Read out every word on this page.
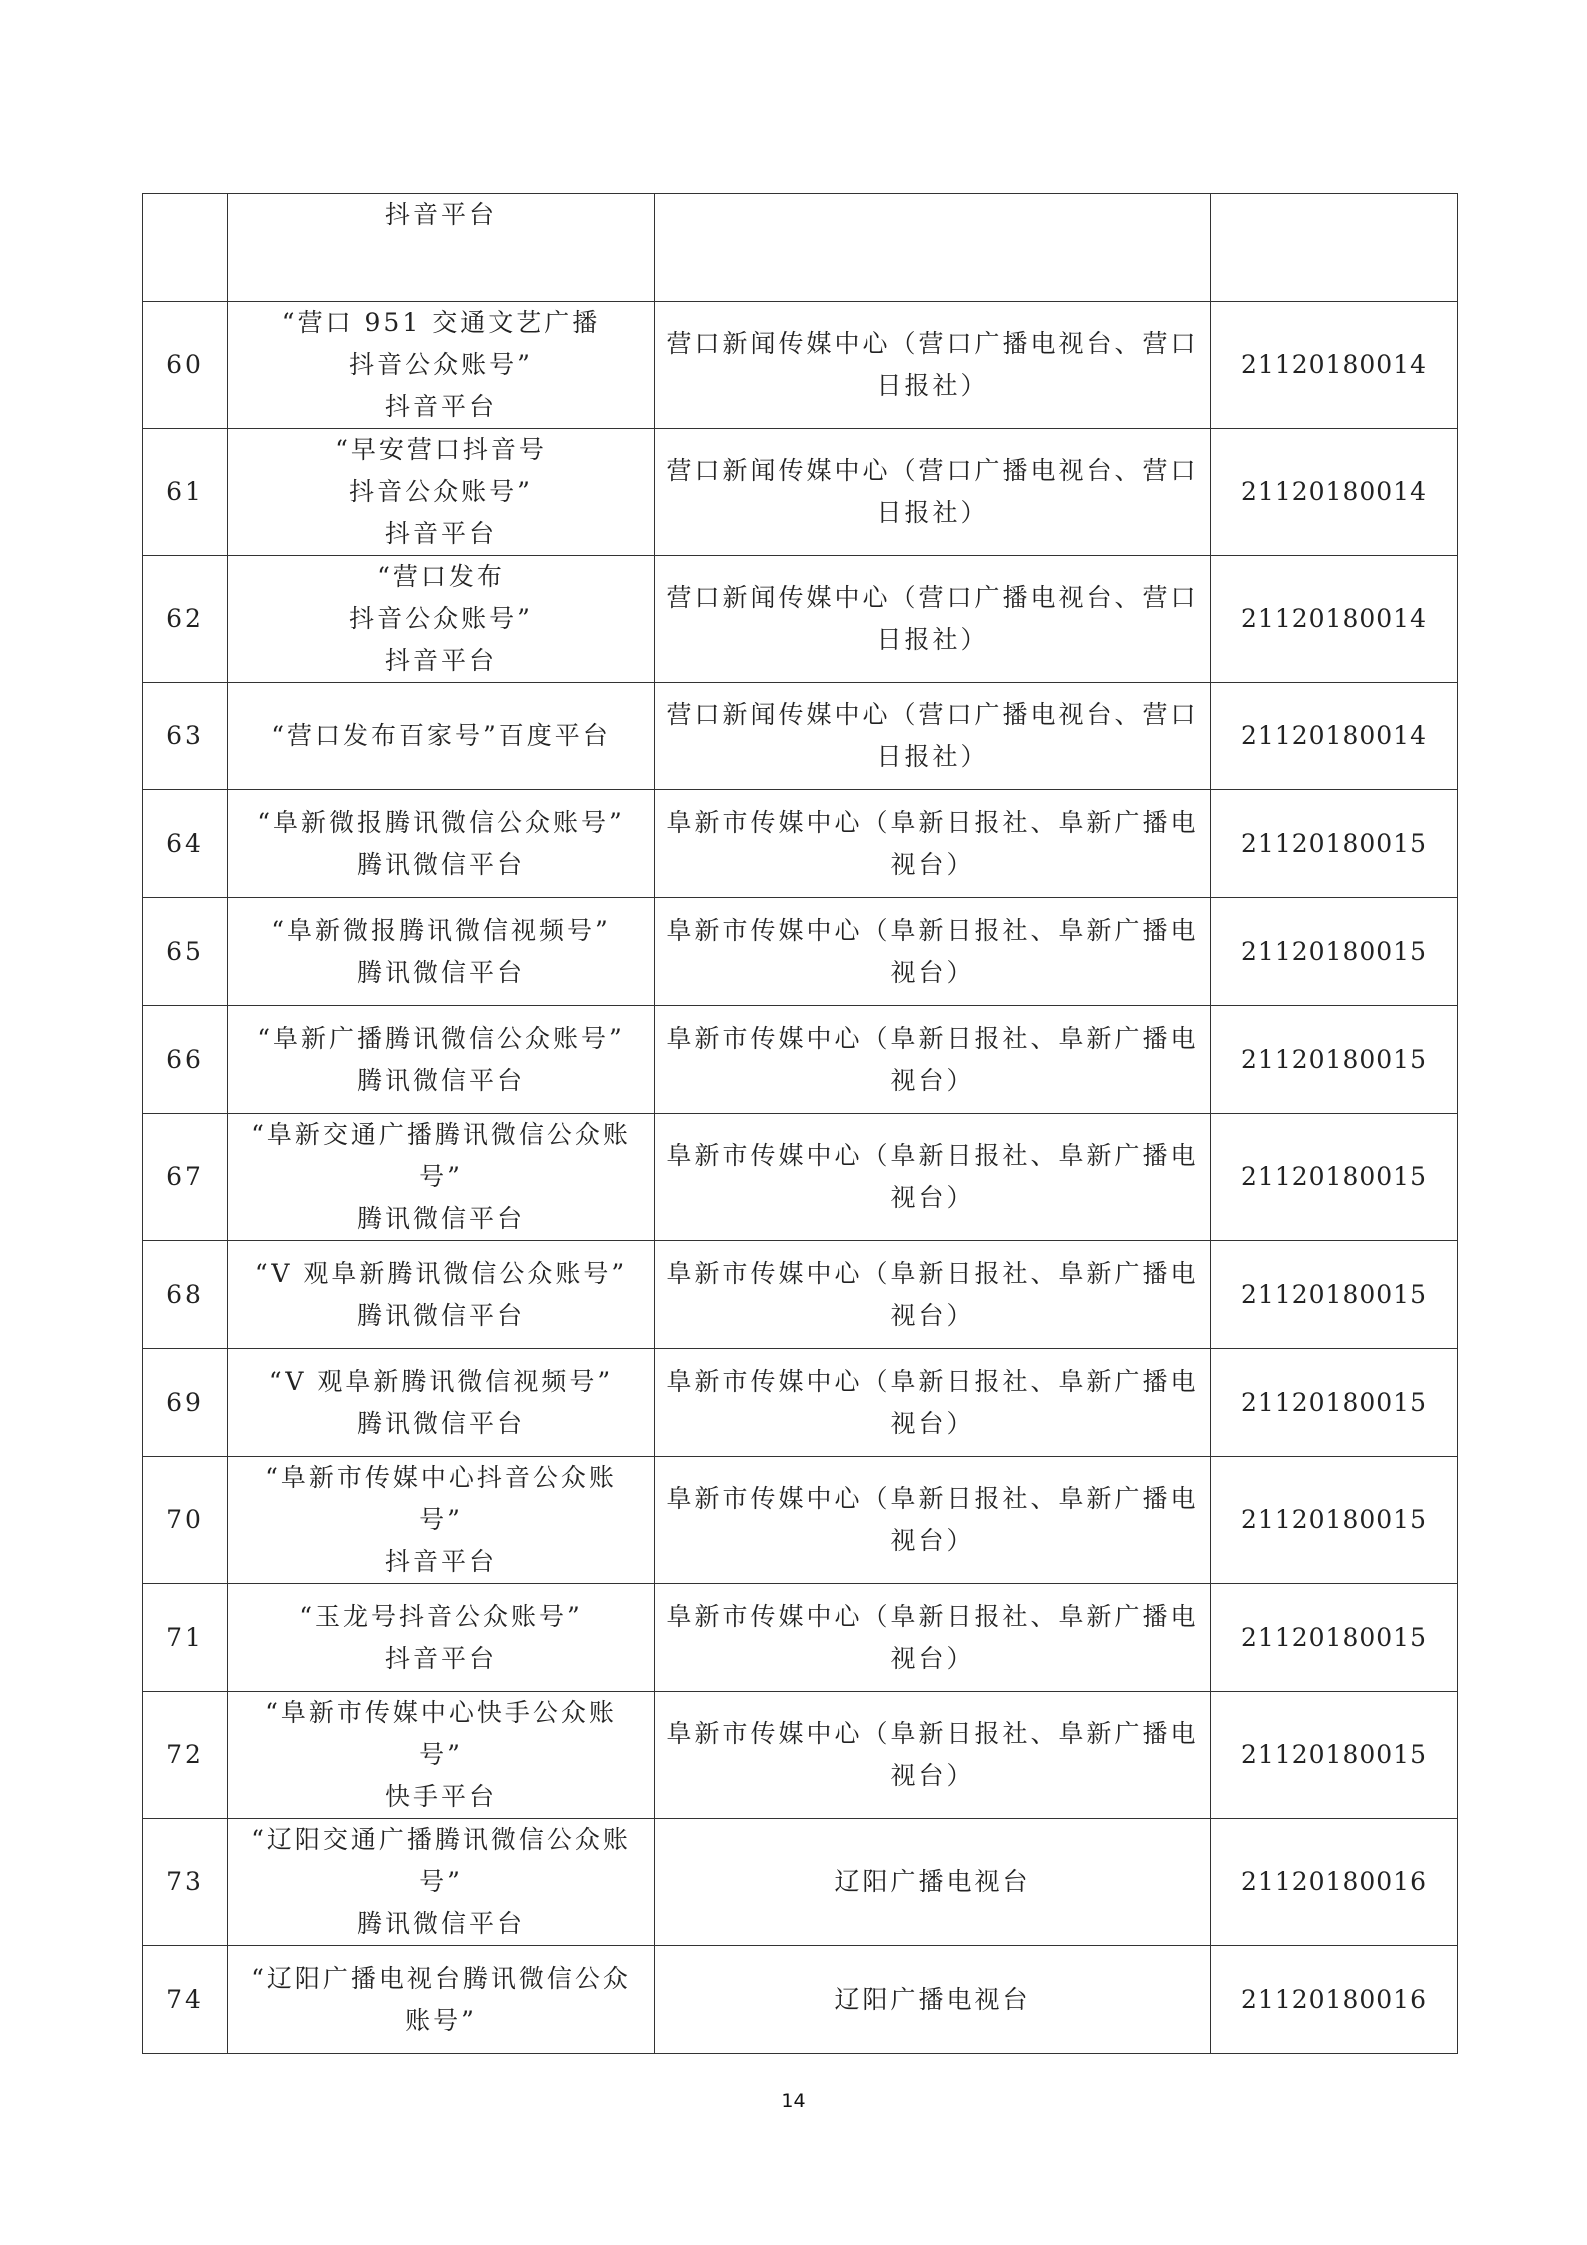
	抖音平台		

60	“营口 951 交通文艺广播
抖音公众账号”
抖音平台	营口新闻传媒中心（营口广播电视台、营口
日报社）	21120180014
61	“早安营口抖音号
抖音公众账号”
抖音平台	营口新闻传媒中心（营口广播电视台、营口
日报社）	21120180014
62	“营口发布
抖音公众账号”
抖音平台	营口新闻传媒中心（营口广播电视台、营口
日报社）	21120180014
63	“营口发布百家号”百度平台	营口新闻传媒中心（营口广播电视台、营口
日报社）	21120180014
64	“阜新微报腾讯微信公众账号”
腾讯微信平台	阜新市传媒中心（阜新日报社、阜新广播电
视台）	21120180015
65	“阜新微报腾讯微信视频号”
腾讯微信平台	阜新市传媒中心（阜新日报社、阜新广播电
视台）	21120180015
66	“阜新广播腾讯微信公众账号”
腾讯微信平台	阜新市传媒中心（阜新日报社、阜新广播电
视台）	21120180015
67	“阜新交通广播腾讯微信公众账
号”
腾讯微信平台	阜新市传媒中心（阜新日报社、阜新广播电
视台）	21120180015
68	“V 观阜新腾讯微信公众账号”
腾讯微信平台	阜新市传媒中心（阜新日报社、阜新广播电
视台）	21120180015
69	“V 观阜新腾讯微信视频号”
腾讯微信平台	阜新市传媒中心（阜新日报社、阜新广播电
视台）	21120180015
70	“阜新市传媒中心抖音公众账
号”
抖音平台	阜新市传媒中心（阜新日报社、阜新广播电
视台）	21120180015
71	“玉龙号抖音公众账号”
抖音平台	阜新市传媒中心（阜新日报社、阜新广播电
视台）	21120180015
72	“阜新市传媒中心快手公众账
号”
快手平台	阜新市传媒中心（阜新日报社、阜新广播电
视台）	21120180015
73	“辽阳交通广播腾讯微信公众账
号”
腾讯微信平台	辽阳广播电视台	21120180016
74	“辽阳广播电视台腾讯微信公众
账号”	辽阳广播电视台	21120180016
14
